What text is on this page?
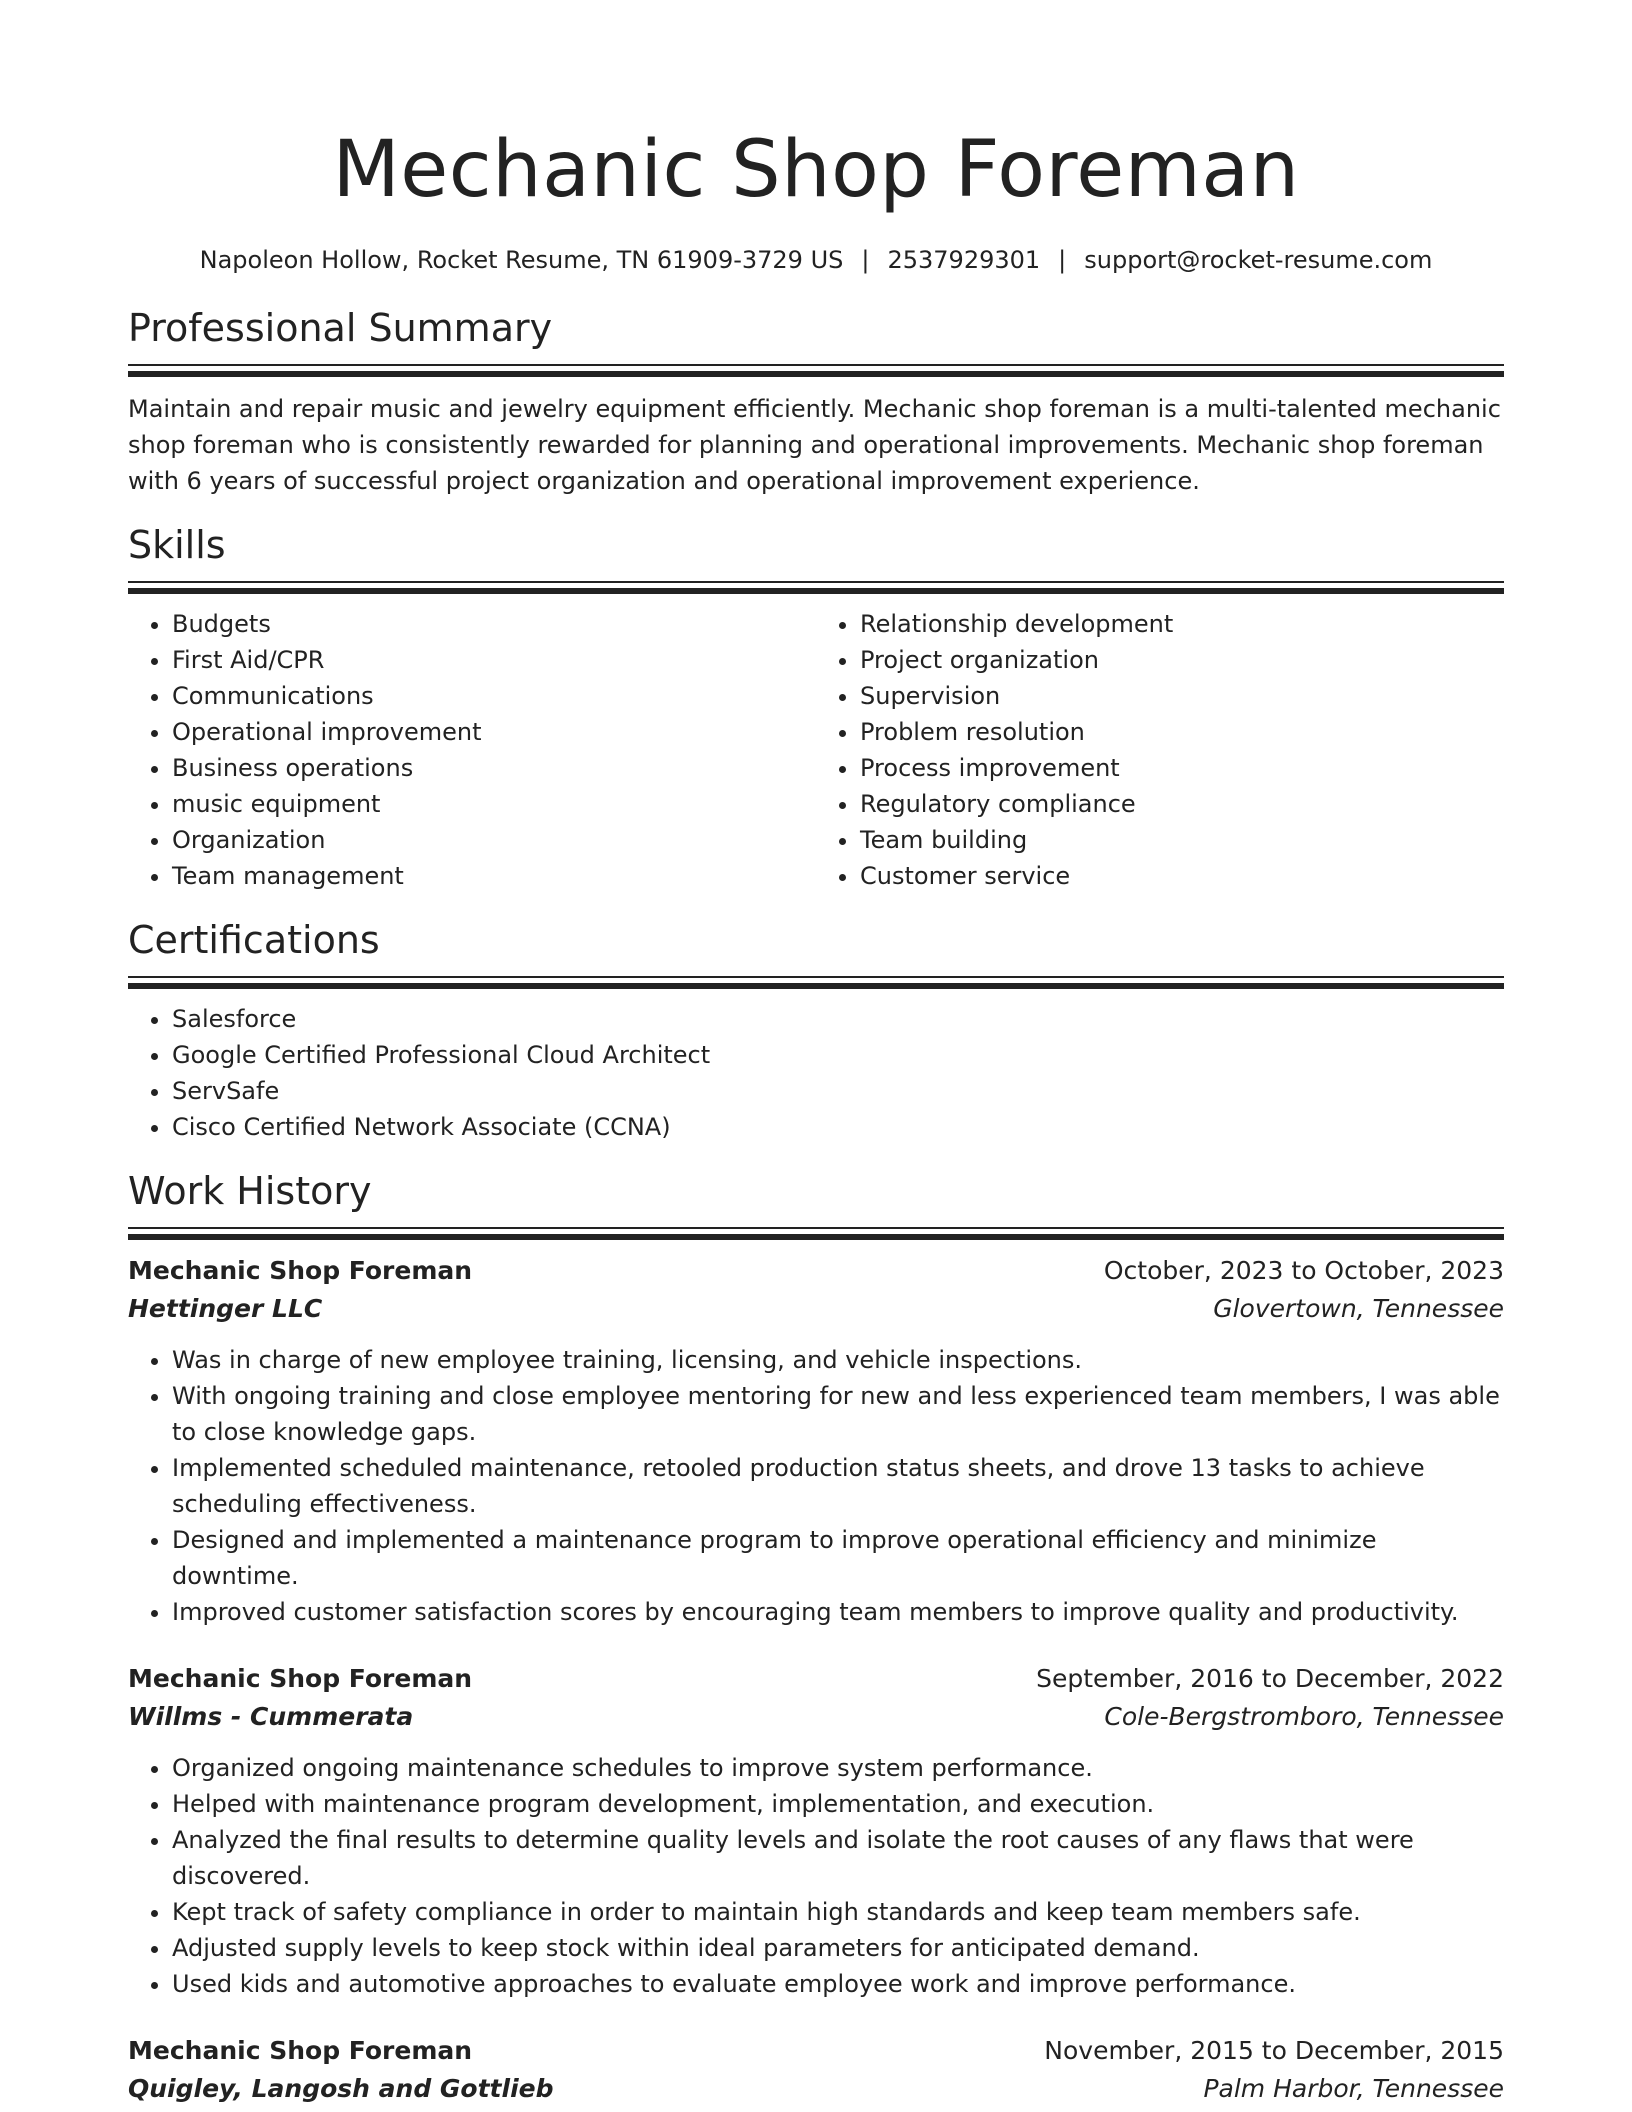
Mechanic Shop Foreman
Napoleon Hollow, Rocket Resume, TN 61909-3729 US | 2537929301 | support@rocket-resume.com
Professional Summary

Maintain and repair music and jewelry equipment efficiently. Mechanic shop foreman is a multi-talented mechanic shop foreman who is consistently rewarded for planning and operational improvements. Mechanic shop foreman with 6 years of successful project organization and operational improvement experience.

Skills
• Budgets
• First Aid/CPR
• Communications
• Operational improvement
• Business operations
• music equipment
• Organization
• Team management
• Relationship development
• Project organization
• Supervision
• Problem resolution
• Process improvement
• Regulatory compliance
• Team building
• Customer service
Certifications
• Salesforce
• Google Certified Professional Cloud Architect
• ServSafe
• Cisco Certified Network Associate (CCNA)
Work History
Mechanic Shop Foreman	October, 2023 to October, 2023
Hettinger LLC	Glovertown, Tennessee
• Was in charge of new employee training, licensing, and vehicle inspections.
• With ongoing training and close employee mentoring for new and less experienced team members, I was able to close knowledge gaps.
• Implemented scheduled maintenance, retooled production status sheets, and drove 13 tasks to achieve scheduling effectiveness.
• Designed and implemented a maintenance program to improve operational efficiency and minimize downtime.
• Improved customer satisfaction scores by encouraging team members to improve quality and productivity.
Mechanic Shop Foreman	September, 2016 to December, 2022
Willms - Cummerata	Cole-Bergstromboro, Tennessee
• Organized ongoing maintenance schedules to improve system performance.
• Helped with maintenance program development, implementation, and execution.
• Analyzed the final results to determine quality levels and isolate the root causes of any flaws that were discovered.
• Kept track of safety compliance in order to maintain high standards and keep team members safe.
• Adjusted supply levels to keep stock within ideal parameters for anticipated demand.
• Used kids and automotive approaches to evaluate employee work and improve performance.
Mechanic Shop Foreman	November, 2015 to December, 2015
Quigley, Langosh and Gottlieb	Palm Harbor, Tennessee
